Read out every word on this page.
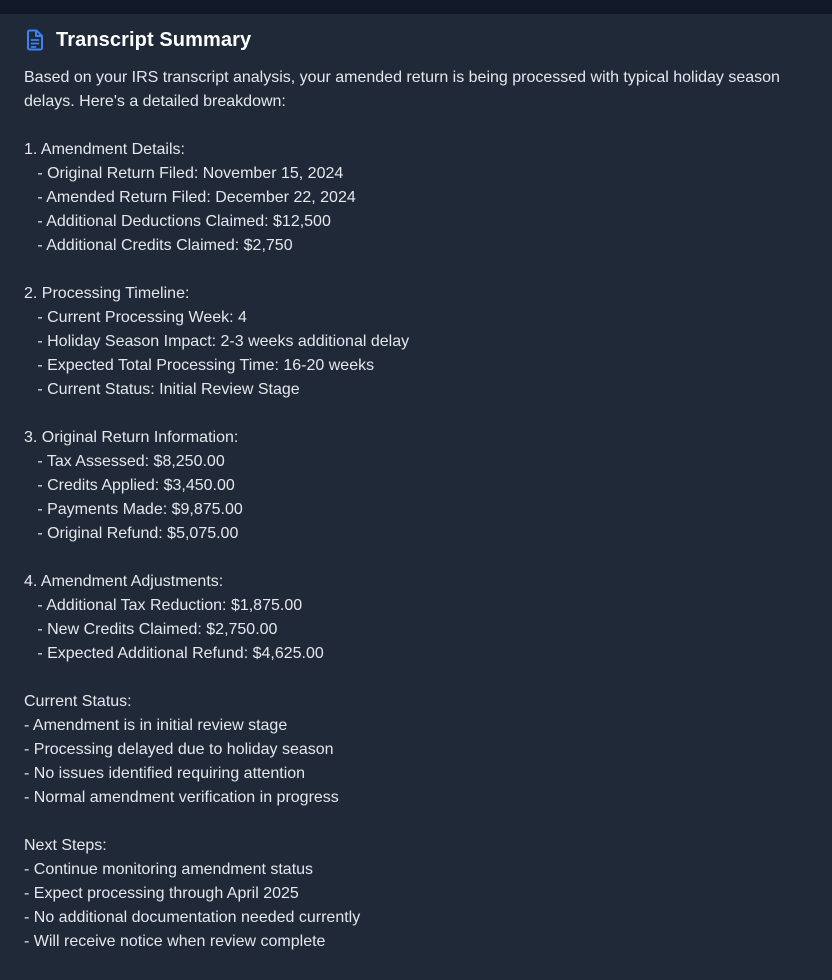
Transcript Summary
Based on your IRS transcript analysis, your amended return is being processed with typical holiday season delays. Here's a detailed breakdown:
1. Amendment Details:
- Original Return Filed: November 15, 2024
- Amended Return Filed: December 22, 2024
- Additional Deductions Claimed: $12,500
- Additional Credits Claimed: $2,750
2. Processing Timeline:
- Current Processing Week: 4
- Holiday Season Impact: 2-3 weeks additional delay
- Expected Total Processing Time: 16-20 weeks
- Current Status: Initial Review Stage
3. Original Return Information:
- Tax Assessed: $8,250.00
- Credits Applied: $3,450.00
- Payments Made: $9,875.00
- Original Refund: $5,075.00
4. Amendment Adjustments:
- Additional Tax Reduction: $1,875.00
- New Credits Claimed: $2,750.00
- Expected Additional Refund: $4,625.00
Current Status:
- Amendment is in initial review stage
- Processing delayed due to holiday season
- No issues identified requiring attention
- Normal amendment verification in progress
Next Steps:
- Continue monitoring amendment status
- Expect processing through April 2025
- No additional documentation needed currently
- Will receive notice when review complete
